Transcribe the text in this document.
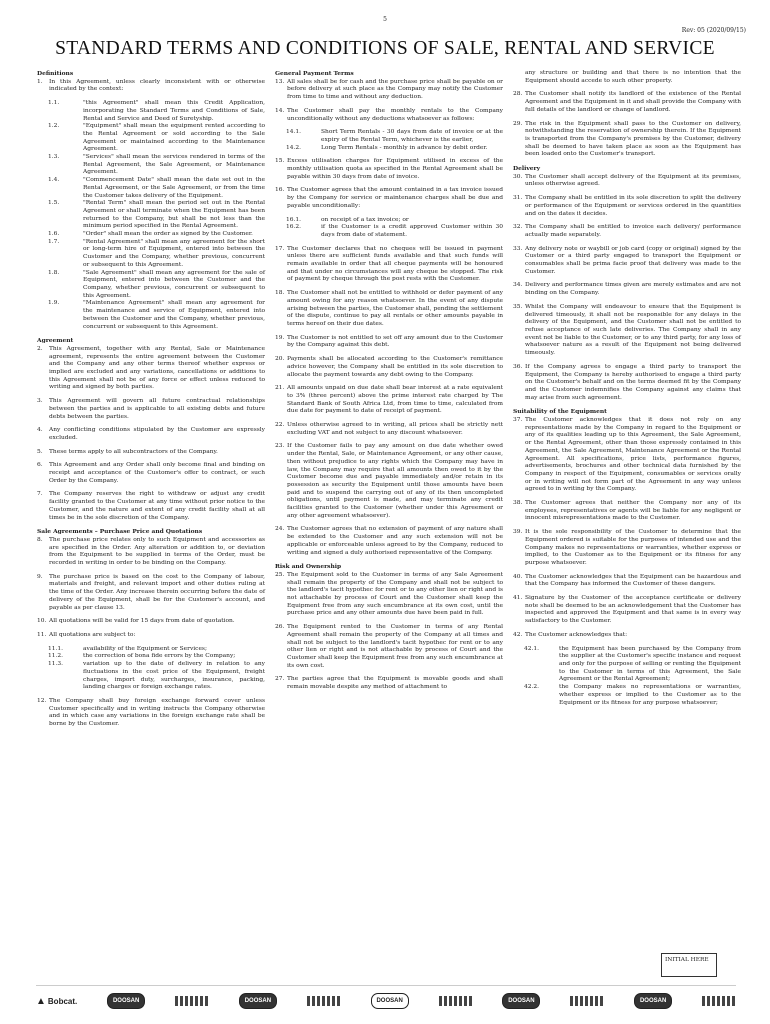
5
Rev: 05 (2020/09/15)
STANDARD TERMS AND CONDITIONS OF SALE, RENTAL AND SERVICE
Definitions
1. In this Agreement, unless clearly inconsistent with or otherwise indicated by the context:
1.1.	"this Agreement" shall mean this Credit Application, incorporating the Standard Terms and Conditions of Sale, Rental and Service and Deed of Suretyship.
1.2.	"Equipment" shall mean the equipment rented according to the Rental Agreement or sold according to the Sale Agreement or maintained according to the Maintenance Agreement.
1.3.	"Services" shall mean the services rendered in terms of the Rental Agreement, the Sale Agreement, or Maintenance Agreement.
1.4.	"Commencement Date" shall mean the date set out in the Rental Agreement, or the Sale Agreement, or from the time the Customer takes delivery of the Equipment.
1.5.	"Rental Term" shall mean the period set out in the Rental Agreement or shall terminate when the Equipment has been returned to the Company, but shall be not less than the minimum period specified in the Rental Agreement.
1.6.	"Order" shall mean the order as signed by the Customer.
1.7.	"Rental Agreement" shall mean any agreement for the short or long-term hire of Equipment, entered into between the Customer and the Company, whether previous, concurrent or subsequent to this Agreement.
1.8.	"Sale Agreement" shall mean any agreement for the sale of Equipment, entered into between the Customer and the Company, whether previous, concurrent or subsequent to this Agreement.
1.9.	"Maintenance Agreement" shall mean any agreement for the maintenance and service of Equipment, entered into between the Customer and the Company, whether previous, concurrent or subsequent to this Agreement.
Agreement
2. This Agreement, together with any Rental, Sale or Maintenance agreement, represents the entire agreement between the Customer and the Company and any other terms thereof whether express or implied are excluded and any variations, cancellations or additions to this Agreement shall not be of any force or effect unless reduced to writing and signed by both parties.
3. This Agreement will govern all future contractual relationships between the parties and is applicable to all existing debts and future debts between the parties.
4. Any conflicting conditions stipulated by the Customer are expressly excluded.
5. These terms apply to all subcontractors of the Company.
6. This Agreement and any Order shall only become final and binding on receipt and acceptance of the Customer's offer to contract, or such Order by the Company.
7. The Company reserves the right to withdraw or adjust any credit facility granted to the Customer at any time without prior notice to the Customer, and the nature and extent of any credit facility shall at all times be in the sole discretion of the Company.
Sale Agreements – Purchase Price and Quotations
8. The purchase price relates only to such Equipment and accessories as are specified in the Order. Any alteration or addition to, or deviation from the Equipment to be supplied in terms of the Order, must be recorded in writing in order to be binding on the Company.
9. The purchase price is based on the cost to the Company of labour, materials and freight, and relevant import and other duties ruling at the time of the Order. Any increase therein occurring before the date of delivery of the Equipment, shall be for the Customer's account, and payable as per clause 13.
10. All quotations will be valid for 15 days from date of quotation.
11. All quotations are subject to:
11.1.	availability of the Equipment or Services;
11.2.	the correction of bona fide errors by the Company;
11.3.	variation up to the date of delivery in relation to any fluctuations in the cost price of the Equipment, freight charges, import duty, surcharges, insurance, packing, landing charges or foreign exchange rates.
12. The Company shall buy foreign exchange forward cover unless Customer specifically and in writing instructs the Company otherwise and in which case any variations in the foreign exchange rate shall be borne by the Customer.
General Payment Terms
13. All sales shall be for cash and the purchase price shall be payable on or before delivery at such place as the Company may notify the Customer from time to time and without any deduction.
14. The Customer shall pay the monthly rentals to the Company unconditionally without any deductions whatsoever as follows:
14.1.	Short Term Rentals - 30 days from date of invoice or at the expiry of the Rental Term, whichever is the earlier,
14.2.	Long Term Rentals - monthly in advance by debit order.
15. Excess utilisation charges for Equipment utilised in excess of the monthly utilisation quota as specified in the Rental Agreement shall be payable within 30 days from date of invoice.
16. The Customer agrees that the amount contained in a tax invoice issued by the Company for service or maintenance charges shall be due and payable unconditionally:
16.1.	on receipt of a tax invoice; or
16.2.	if the Customer is a credit approved Customer within 30 days from date of statement.
17. The Customer declares that no cheques will be issued in payment unless there are sufficient funds available and that such funds will remain available in order that all cheque payments will be honoured and that under no circumstances will any cheque be stopped. The risk of payment by cheque through the post rests with the Customer.
18. The Customer shall not be entitled to withhold or defer payment of any amount owing for any reason whatsoever. In the event of any dispute arising between the parties, the Customer shall, pending the settlement of the dispute, continue to pay all rentals or other amounts payable in terms hereof on their due dates.
19. The Customer is not entitled to set off any amount due to the Customer by the Company against this debt.
20. Payments shall be allocated according to the Customer's remittance advice however, the Company shall be entitled in its sole discretion to allocate the payment towards any debt owing to the Company.
21. All amounts unpaid on due date shall bear interest at a rate equivalent to 3% (three percent) above the prime interest rate charged by The Standard Bank of South Africa Ltd, from time to time, calculated from due date for payment to date of receipt of payment.
22. Unless otherwise agreed to in writing, all prices shall be strictly nett excluding VAT and not subject to any discount whatsoever.
23. If the Customer fails to pay any amount on due date whether owed under the Rental, Sale, or Maintenance Agreement, or any other cause, then without prejudice to any rights which the Company may have in law, the Company may require that all amounts then owed to it by the Customer become due and payable immediately and/or retain in its possession as security the Equipment until those amounts have been paid and to suspend the carrying out of any of its then uncompleted obligations, until payment is made, and may terminate any credit facilities granted to the Customer (whether under this Agreement or any other agreement whatsoever).
24. The Customer agrees that no extension of payment of any nature shall be extended to the Customer and any such extension will not be applicable or enforceable unless agreed to by the Company, reduced to writing and signed a duly authorised representative of the Company.
Risk and Ownership
25. The Equipment sold to the Customer in terms of any Sale Agreement shall remain the property of the Company and shall not be subject to the landlord's tacit hypothec for rent or to any other lien or right and is not attachable by process of Court and the Customer shall keep the Equipment free from any such encumbrance at its own cost, until the purchase price and any other amounts due have been paid in full.
26. The Equipment rented to the Customer in terms of any Rental Agreement shall remain the property of the Company at all times and shall not be subject to the landlord's tacit hypothec for rent or to any other lien or right and is not attachable by process of Court and the Customer shall keep the Equipment free from any such encumbrance at its own cost.
27. The parties agree that the Equipment is movable goods and shall remain movable despite any method of attachment to
any structure or building and that there is no intention that the Equipment should accede to such other property.
28. The Customer shall notify its landlord of the existence of the Rental Agreement and the Equipment in it and shall provide the Company with full details of the landlord or change of landlord.
29. The risk in the Equipment shall pass to the Customer on delivery, notwithstanding the reservation of ownership therein. If the Equipment is transported from the Company's premises by the Customer, delivery shall be deemed to have taken place as soon as the Equipment has been loaded onto the Customer's transport.
Delivery
30. The Customer shall accept delivery of the Equipment at its premises, unless otherwise agreed.
31. The Company shall be entitled in its sole discretion to split the delivery or performance of the Equipment or services ordered in the quantities and on the dates it decides.
32. The Company shall be entitled to invoice each delivery/ performance actually made separately.
33. Any delivery note or waybill or job card (copy or original) signed by the Customer or a third party engaged to transport the Equipment or consumables shall be prima facie proof that delivery was made to the Customer.
34. Delivery and performance times given are merely estimates and are not binding on the Company.
35. Whilst the Company will endeavour to ensure that the Equipment is delivered timeously, it shall not be responsible for any delays in the delivery of the Equipment, and the Customer shall not be entitled to refuse acceptance of such late deliveries. The Company shall in any event not be liable to the Customer, or to any third party, for any loss of whatsoever nature as a result of the Equipment not being delivered timeously.
36. If the Company agrees to engage a third party to transport the Equipment, the Company is hereby authorised to engage a third party on the Customer's behalf and on the terms deemed fit by the Company and the Customer indemnifies the Company against any claims that may arise from such agreement.
Suitability of the Equipment
37. The Customer acknowledges that it does not rely on any representations made by the Company in regard to the Equipment or any of its qualities leading up to this Agreement, the Sale Agreement, or the Rental Agreement, other than those expressly contained in this Agreement, the Sale Agreement, Maintenance Agreement or the Rental Agreement. All specifications, price lists, performance figures, advertisements, brochures and other technical data furnished by the Company in respect of the Equipment, consumables or services orally or in writing will not form part of the Agreement in any way unless agreed to in writing by the Company.
38. The Customer agrees that neither the Company nor any of its employees, representatives or agents will be liable for any negligent or innocent misrepresentations made to the Customer.
39. It is the sole responsibility of the Customer to determine that the Equipment ordered is suitable for the purposes of intended use and the Company makes no representations or warranties, whether express or implied, to the Customer as to the Equipment or its fitness for any purpose whatsoever.
40. The Customer acknowledges that the Equipment can be hazardous and that the Company has informed the Customer of these dangers.
41. Signature by the Customer of the acceptance certificate or delivery note shall be deemed to be an acknowledgement that the Customer has inspected and approved the Equipment and that same is in every way satisfactory to the Customer.
42. The Customer acknowledges that:
42.1.	the Equipment has been purchased by the Company from the supplier at the Customer's specific instance and request and only for the purpose of selling or renting the Equipment to the Customer in terms of this Agreement, the Sale Agreement or the Rental Agreement;
42.2.	the Company makes no representations or warranties, whether express or implied to the Customer as to the Equipment or its fitness for any purpose whatsoever;
INITIAL HERE
▲ Bobcat.	DOOSAN	DOOSAN	DOOSAN	DOOSAN	DOOSAN
